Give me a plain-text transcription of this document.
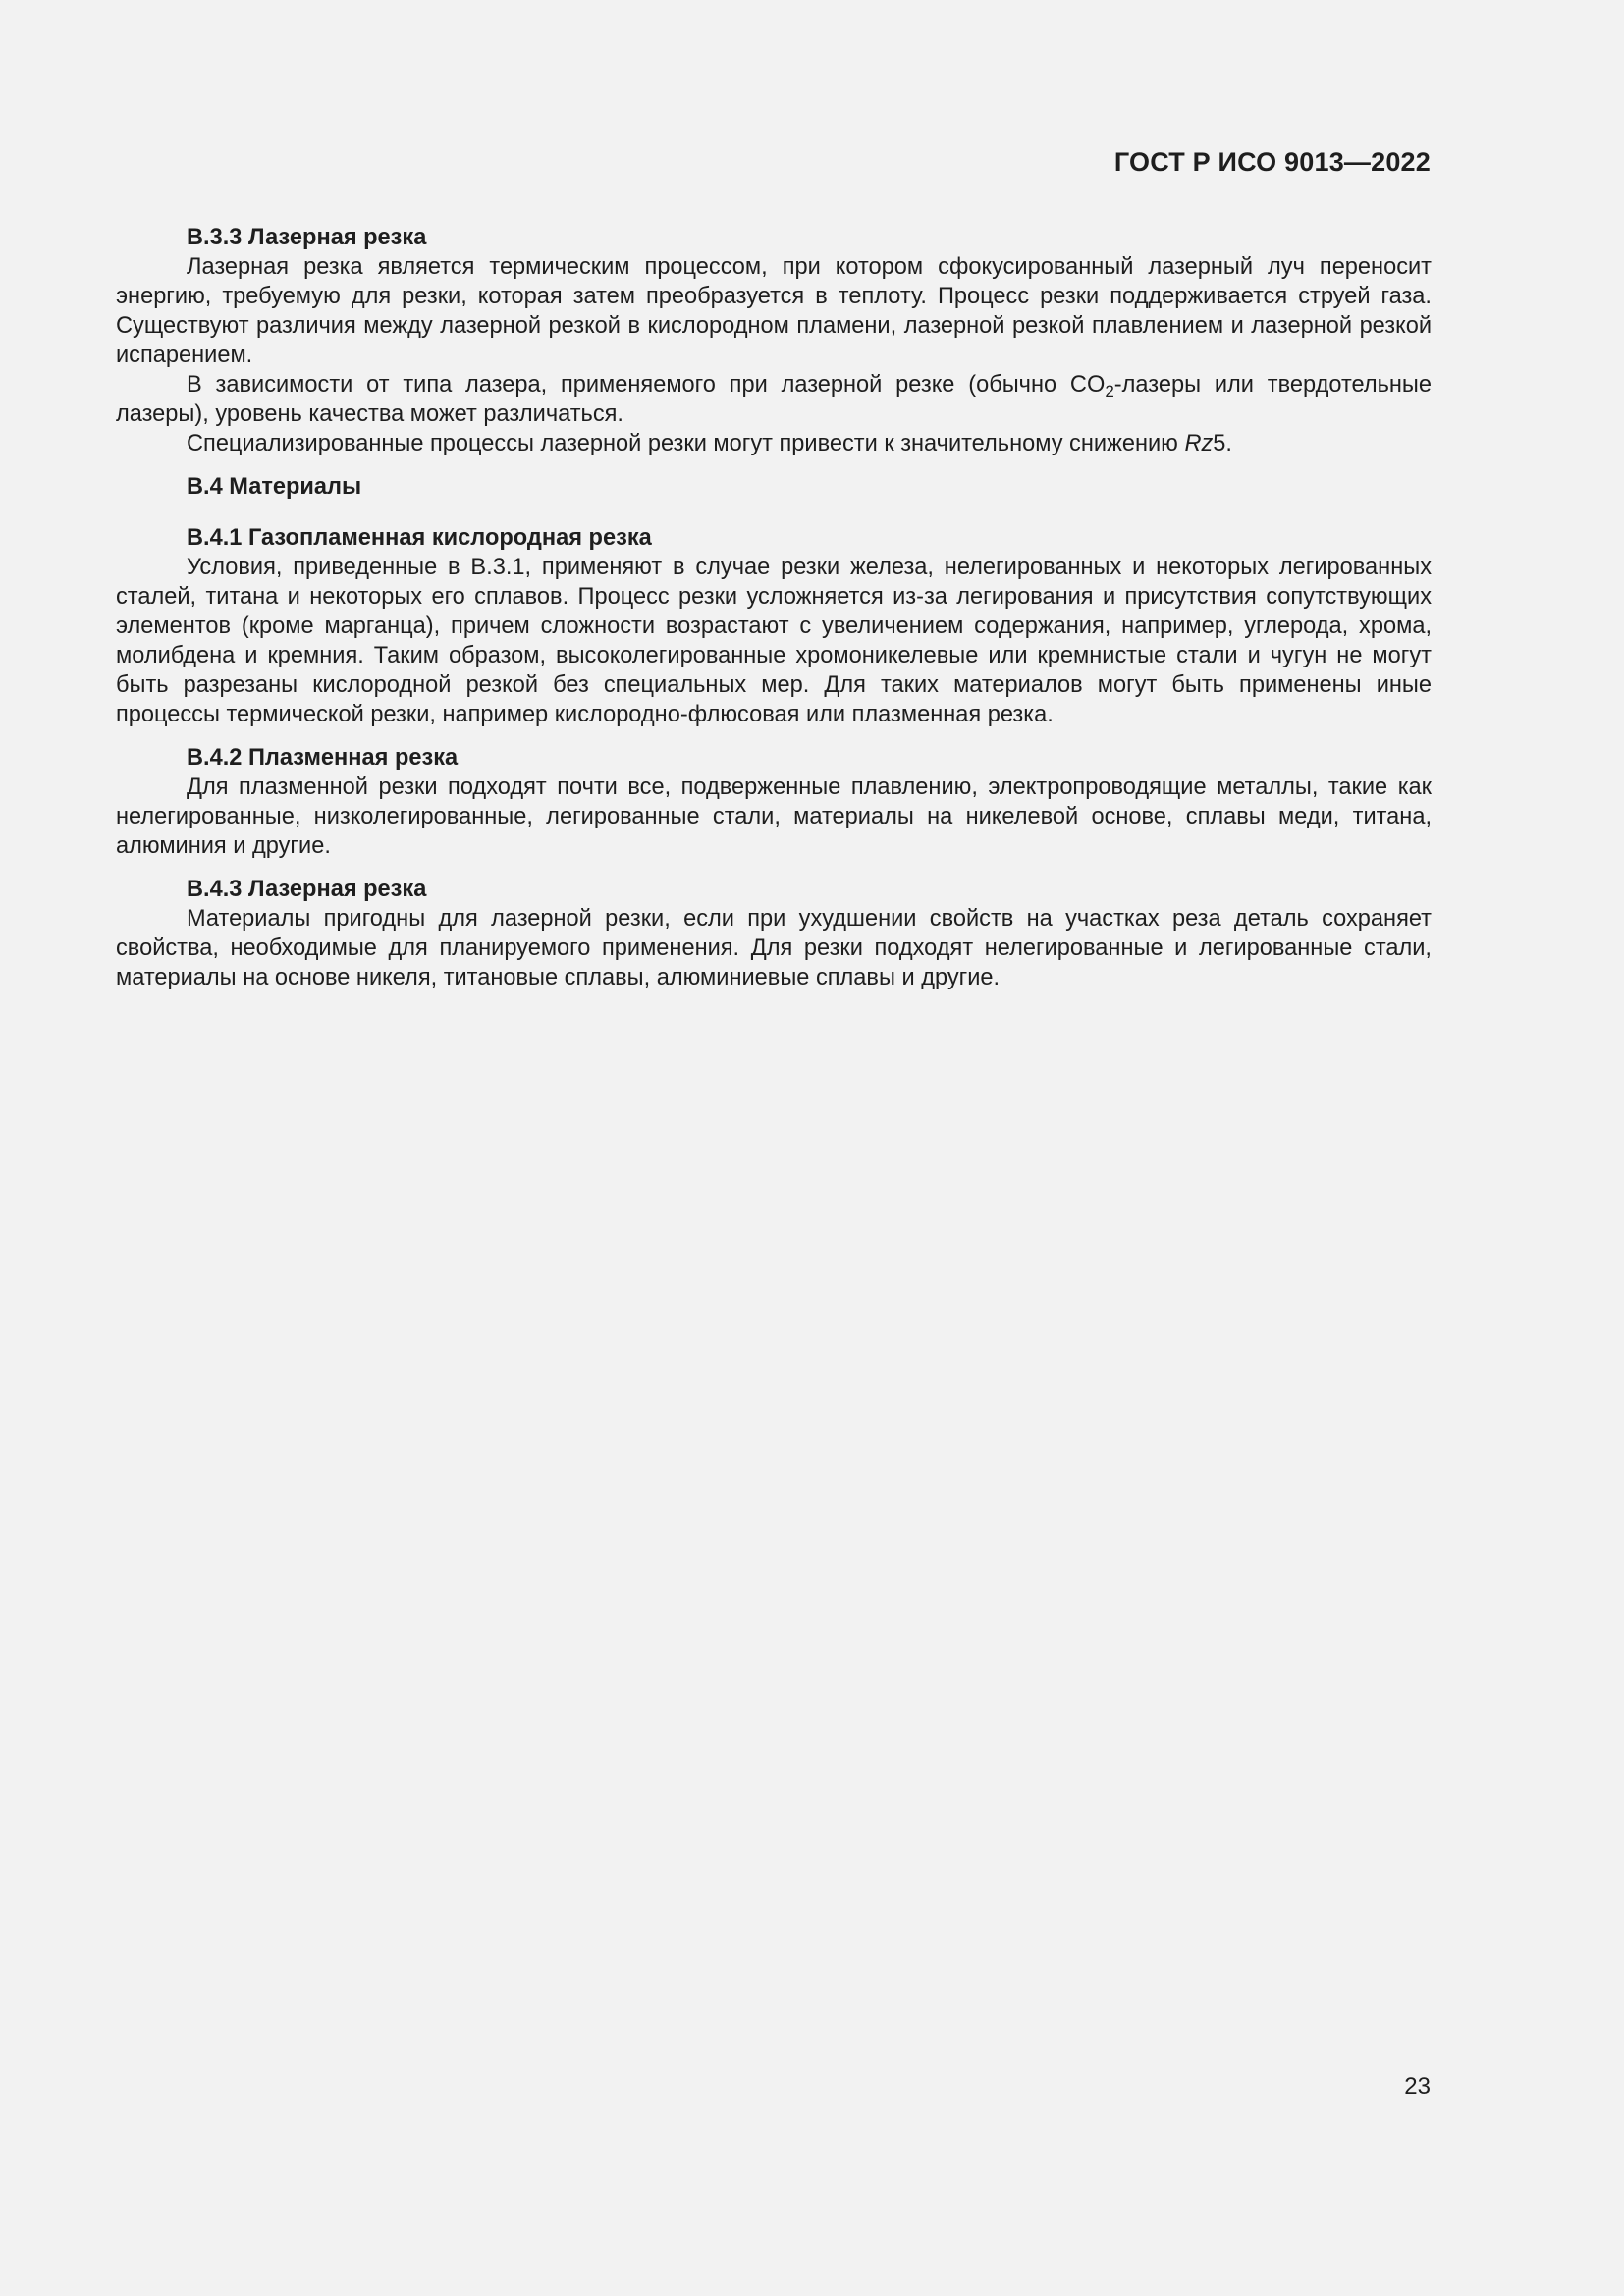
ГОСТ Р ИСО 9013—2022

B.3.3 Лазерная резка

Лазерная резка является термическим процессом, при котором сфокусированный лазерный луч переносит энергию, требуемую для резки, которая затем преобразуется в теплоту. Процесс резки поддерживается струей газа. Существуют различия между лазерной резкой в кислородном пламени, лазерной резкой плавлением и лазерной резкой испарением.

В зависимости от типа лазера, применяемого при лазерной резке (обычно $CO_2$-лазеры или твердотельные лазеры), уровень качества может различаться.

Специализированные процессы лазерной резки могут привести к значительному снижению Rz5.

B.4 Материалы
B.4.1 Газопламенная кислородная резка

Условия, приведенные в В.3.1, применяют в случае резки железа, нелегированных и некоторых легированных сталей, титана и некоторых его сплавов. Процесс резки усложняется из-за легирования и присутствия сопутствующих элементов (кроме марганца), причем сложности возрастают с увеличением содержания, например, углерода, хрома, молибдена и кремния. Таким образом, высоколегированные хромоникелевые или кремнистые стали и чугун не могут быть разрезаны кислородной резкой без специальных мер. Для таких материалов могут быть применены иные процессы термической резки, например кислородно-флюсовая или плазменная резка.

B.4.2 Плазменная резка

Для плазменной резки подходят почти все, подверженные плавлению, электропроводящие металлы, такие как нелегированные, низколегированные, легированные стали, материалы на никелевой основе, сплавы меди, титана, алюминия и другие.

B.4.3 Лазерная резка

Материалы пригодны для лазерной резки, если при ухудшении свойств на участках реза деталь сохраняет свойства, необходимые для планируемого применения. Для резки подходят нелегированные и легированные стали, материалы на основе никеля, титановые сплавы, алюминиевые сплавы и другие.

23
